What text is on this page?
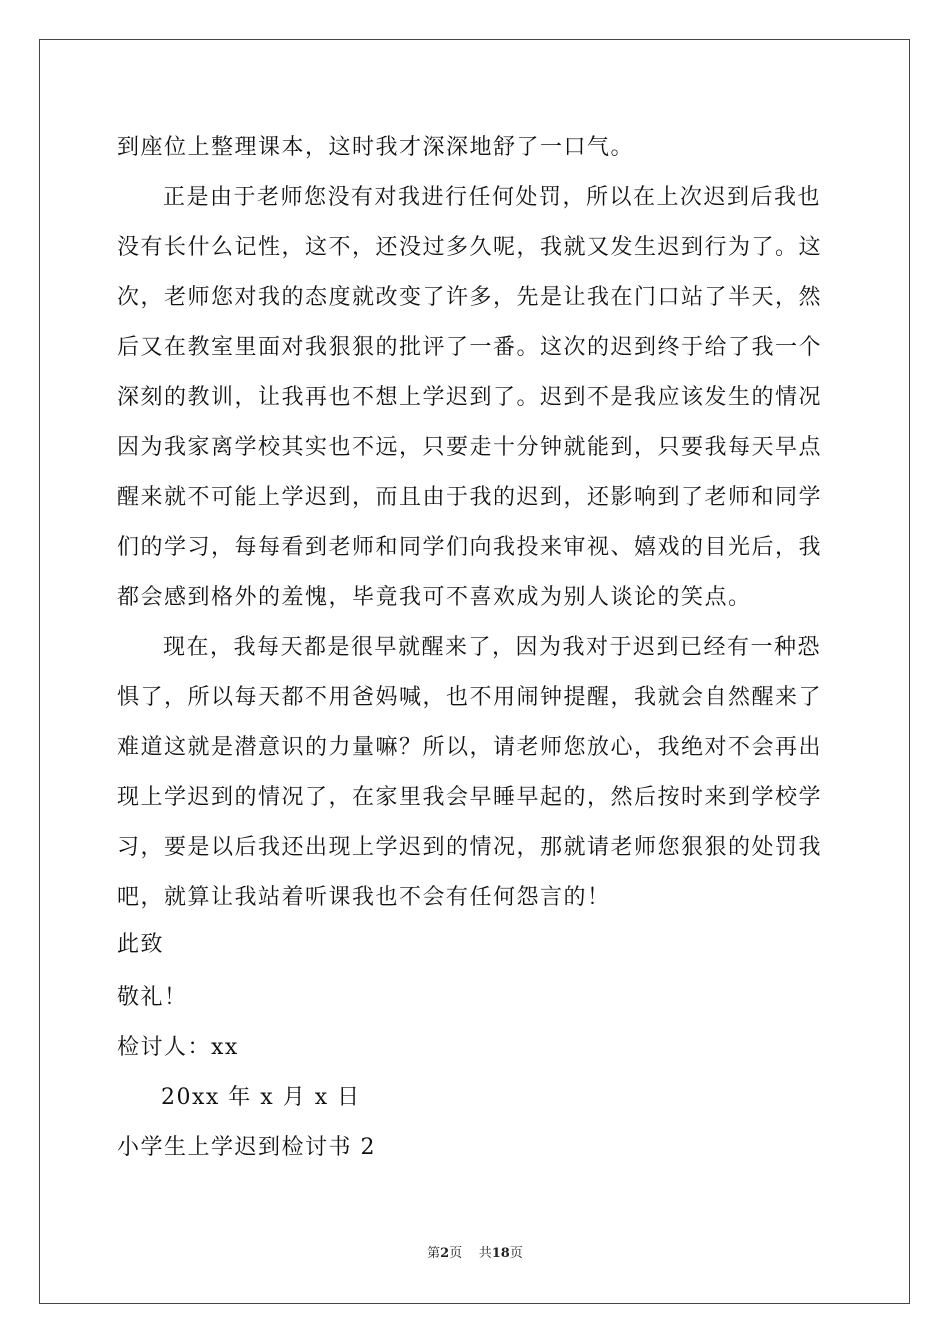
到座位上整理课本，这时我才深深地舒了一口气。
正是由于老师您没有对我进行任何处罚，所以在上次迟到后我也
没有长什么记性，这不，还没过多久呢，我就又发生迟到行为了。这
次，老师您对我的态度就改变了许多，先是让我在门口站了半天，然
后又在教室里面对我狠狠的批评了一番。这次的迟到终于给了我一个
深刻的教训，让我再也不想上学迟到了。迟到不是我应该发生的情况
因为我家离学校其实也不远，只要走十分钟就能到，只要我每天早点
醒来就不可能上学迟到，而且由于我的迟到，还影响到了老师和同学
们的学习，每每看到老师和同学们向我投来审视、嬉戏的目光后，我
都会感到格外的羞愧，毕竟我可不喜欢成为别人谈论的笑点。
现在，我每天都是很早就醒来了，因为我对于迟到已经有一种恐
惧了，所以每天都不用爸妈喊，也不用闹钟提醒，我就会自然醒来了
难道这就是潜意识的力量嘛？所以，请老师您放心，我绝对不会再出
现上学迟到的情况了，在家里我会早睡早起的，然后按时来到学校学
习，要是以后我还出现上学迟到的情况，那就请老师您狠狠的处罚我
吧，就算让我站着听课我也不会有任何怨言的！
此致
敬礼！
检讨人：xx
20xx 年 x 月 x 日
小学生上学迟到检讨书 2
第2页 共18页
